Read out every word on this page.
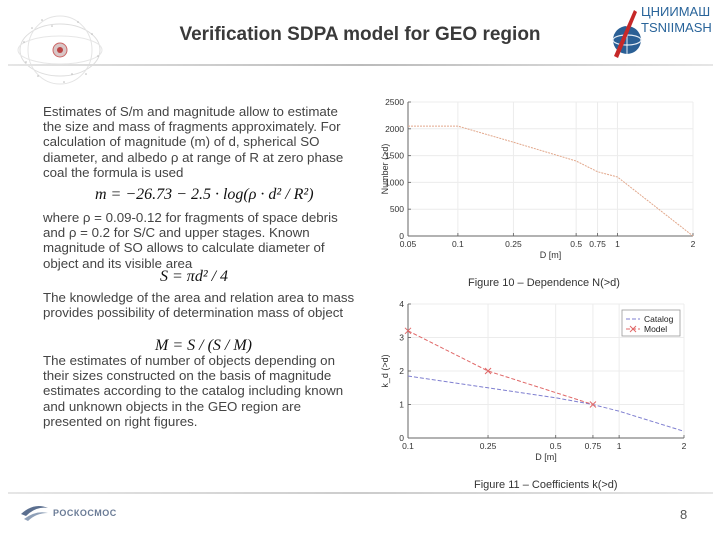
Verification SDPA model for GEO region
ЦНИИМАШ
TSNIIMASH
Estimates of S/m and magnitude allow to estimate the size and mass of fragments approximately. For calculation of magnitude (m) of d, spherical SO diameter, and albedo ρ at range of R at zero phase coal the formula is used
m = −26.73 − 2.5 · log(ρ · d² / R²)
where ρ = 0.09-0.12 for fragments of space debris and ρ = 0.2 for S/C and upper stages. Known magnitude of SO allows to calculate diameter of object and its visible area
S = πd² / 4
The knowledge of the area and relation area to mass provides possibility of determination mass of object
M = S / (S / M)
The estimates of number of objects depending on their sizes constructed on the basis of magnitude estimates according to the catalog including known and unknown objects in the GEO region are presented on right figures.
0
500
1000
1500
2000
2500
0.05	0.1	0.25	0.5 0.75 1	2
D [m]
Number (>d)
Figure 10 – Dependence N(>d)
0
1
2
3
4
0.1	0.25	0.5	0.75 1	2
D [m]
k_d (>d)
Catalog
Model
Figure 11 – Coefficients k(>d)
РОСКОСМОС	8
